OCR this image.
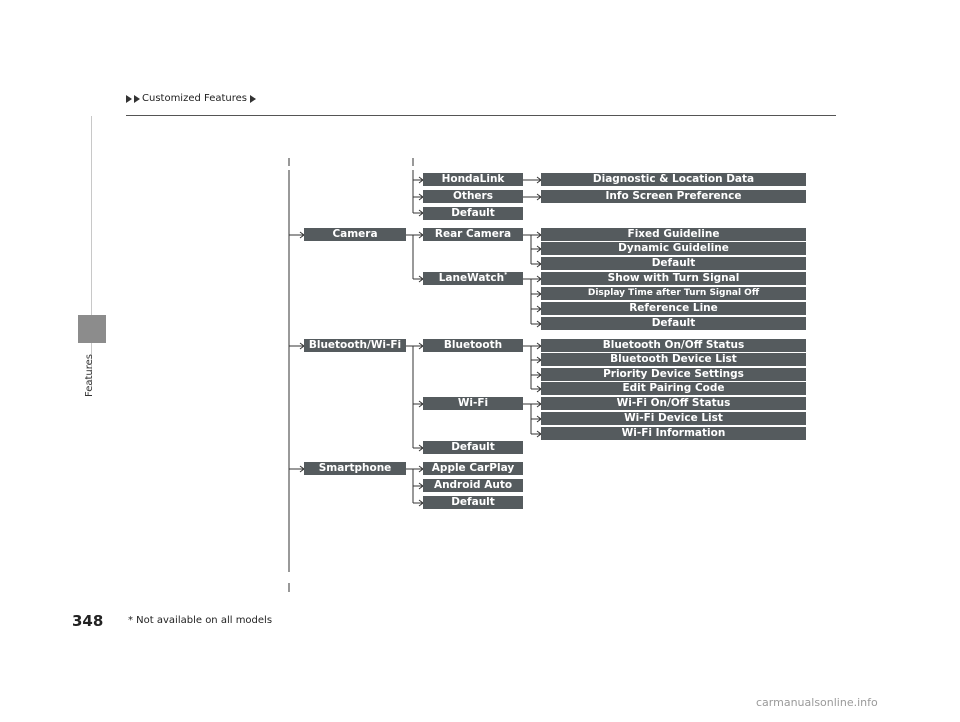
Customized Features
Features
HondaLink
Others
Default
Diagnostic & Location Data
Info Screen Preference
Camera	Rear Camera
LaneWatch*
Fixed Guideline
Dynamic Guideline
Default
Show with Turn Signal
Display Time after Turn Signal Off
Reference Line
Default
Bluetooth/Wi-Fi	Bluetooth
Wi-Fi
Default
Bluetooth On/Off Status
Bluetooth Device List
Priority Device Settings
Edit Pairing Code
Wi-Fi On/Off Status
Wi-Fi Device List
Wi-Fi Information
Smartphone	Apple CarPlay
Android Auto
Default
348 * Not available on all models
carmanualsonline.info
